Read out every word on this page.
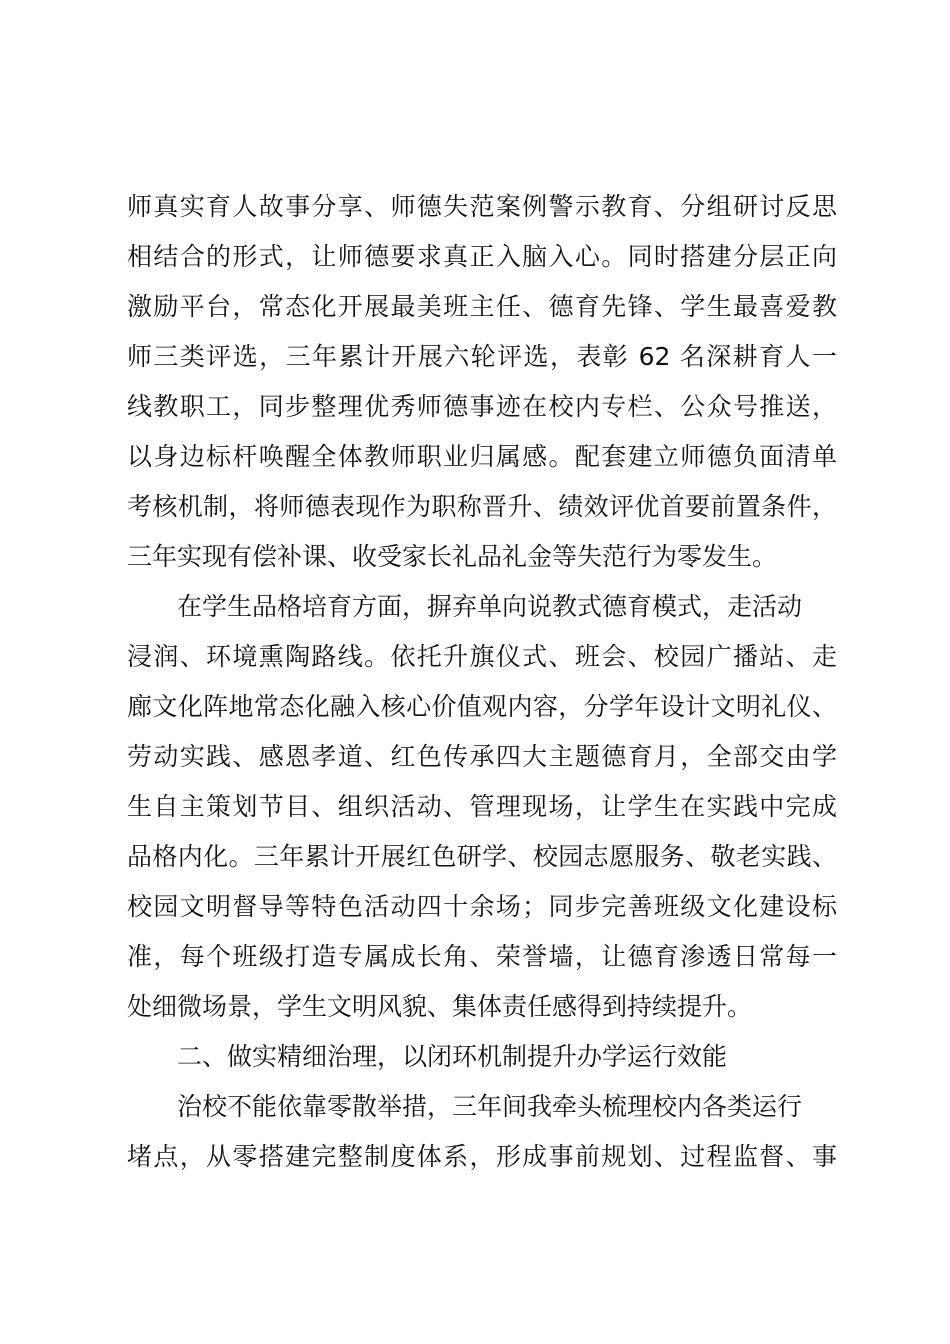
师真实育人故事分享、师德失范案例警示教育、分组研讨反思
相结合的形式，让师德要求真正入脑入心。同时搭建分层正向
激励平台，常态化开展最美班主任、德育先锋、学生最喜爱教
师三类评选，三年累计开展六轮评选，表彰 62 名深耕育人一
线教职工，同步整理优秀师德事迹在校内专栏、公众号推送，
以身边标杆唤醒全体教师职业归属感。配套建立师德负面清单
考核机制，将师德表现作为职称晋升、绩效评优首要前置条件，
三年实现有偿补课、收受家长礼品礼金等失范行为零发生。
在学生品格培育方面，摒弃单向说教式德育模式，走活动
浸润、环境熏陶路线。依托升旗仪式、班会、校园广播站、走
廊文化阵地常态化融入核心价值观内容，分学年设计文明礼仪、
劳动实践、感恩孝道、红色传承四大主题德育月，全部交由学
生自主策划节目、组织活动、管理现场，让学生在实践中完成
品格内化。三年累计开展红色研学、校园志愿服务、敬老实践、
校园文明督导等特色活动四十余场；同步完善班级文化建设标
准，每个班级打造专属成长角、荣誉墙，让德育渗透日常每一
处细微场景，学生文明风貌、集体责任感得到持续提升。
二、做实精细治理，以闭环机制提升办学运行效能
治校不能依靠零散举措，三年间我牵头梳理校内各类运行
堵点，从零搭建完整制度体系，形成事前规划、过程监督、事
